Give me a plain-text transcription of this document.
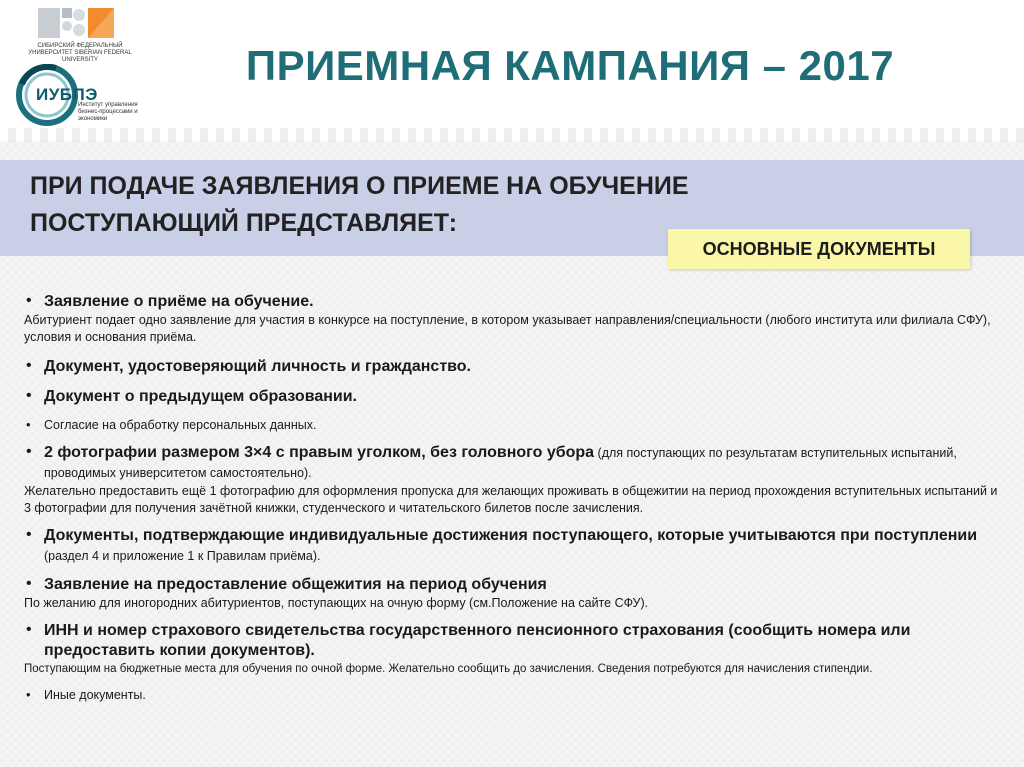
СИБИРСКИЙ ФЕДЕРАЛЬНЫЙ УНИВЕРСИТЕТ SIBERIAN FEDERAL UNIVERSITY
ИУБПЭ
Институт управления бизнес-процессами и экономики
ПРИЕМНАЯ КАМПАНИЯ – 2017
ПРИ ПОДАЧЕ ЗАЯВЛЕНИЯ О ПРИЕМЕ НА ОБУЧЕНИЕ
ПОСТУПАЮЩИЙ ПРЕДСТАВЛЯЕТ:
ОСНОВНЫЕ ДОКУМЕНТЫ
• Заявление о приёме на обучение.
Абитуриент подает одно заявление для участия в конкурсе на поступление, в котором указывает направления/специальности (любого института или филиала СФУ), условия и основания приёма.
• Документ, удостоверяющий личность и гражданство.
• Документ о предыдущем образовании.
• Согласие на обработку персональных данных.
• 2 фотографии размером 3×4 с правым уголком, без головного убора (для поступающих по результатам вступительных испытаний, проводимых университетом самостоятельно).
Желательно предоставить ещё 1 фотографию для оформления пропуска для желающих проживать в общежитии на период прохождения вступительных испытаний и 3 фотографии для получения зачётной книжки, студенческого и читательского билетов после зачисления.
• Документы, подтверждающие индивидуальные достижения поступающего, которые учитываются при поступлении (раздел 4 и приложение 1 к Правилам приёма).
• Заявление на предоставление общежития на период обучения
По желанию для иногородних абитуриентов, поступающих на очную форму (см.Положение на сайте СФУ).
• ИНН и номер страхового свидетельства государственного пенсионного страхования (сообщить номера или предоставить копии документов).
Поступающим на бюджетные места для обучения по очной форме. Желательно сообщить до зачисления. Сведения потребуются для начисления стипендии.
• Иные документы.
